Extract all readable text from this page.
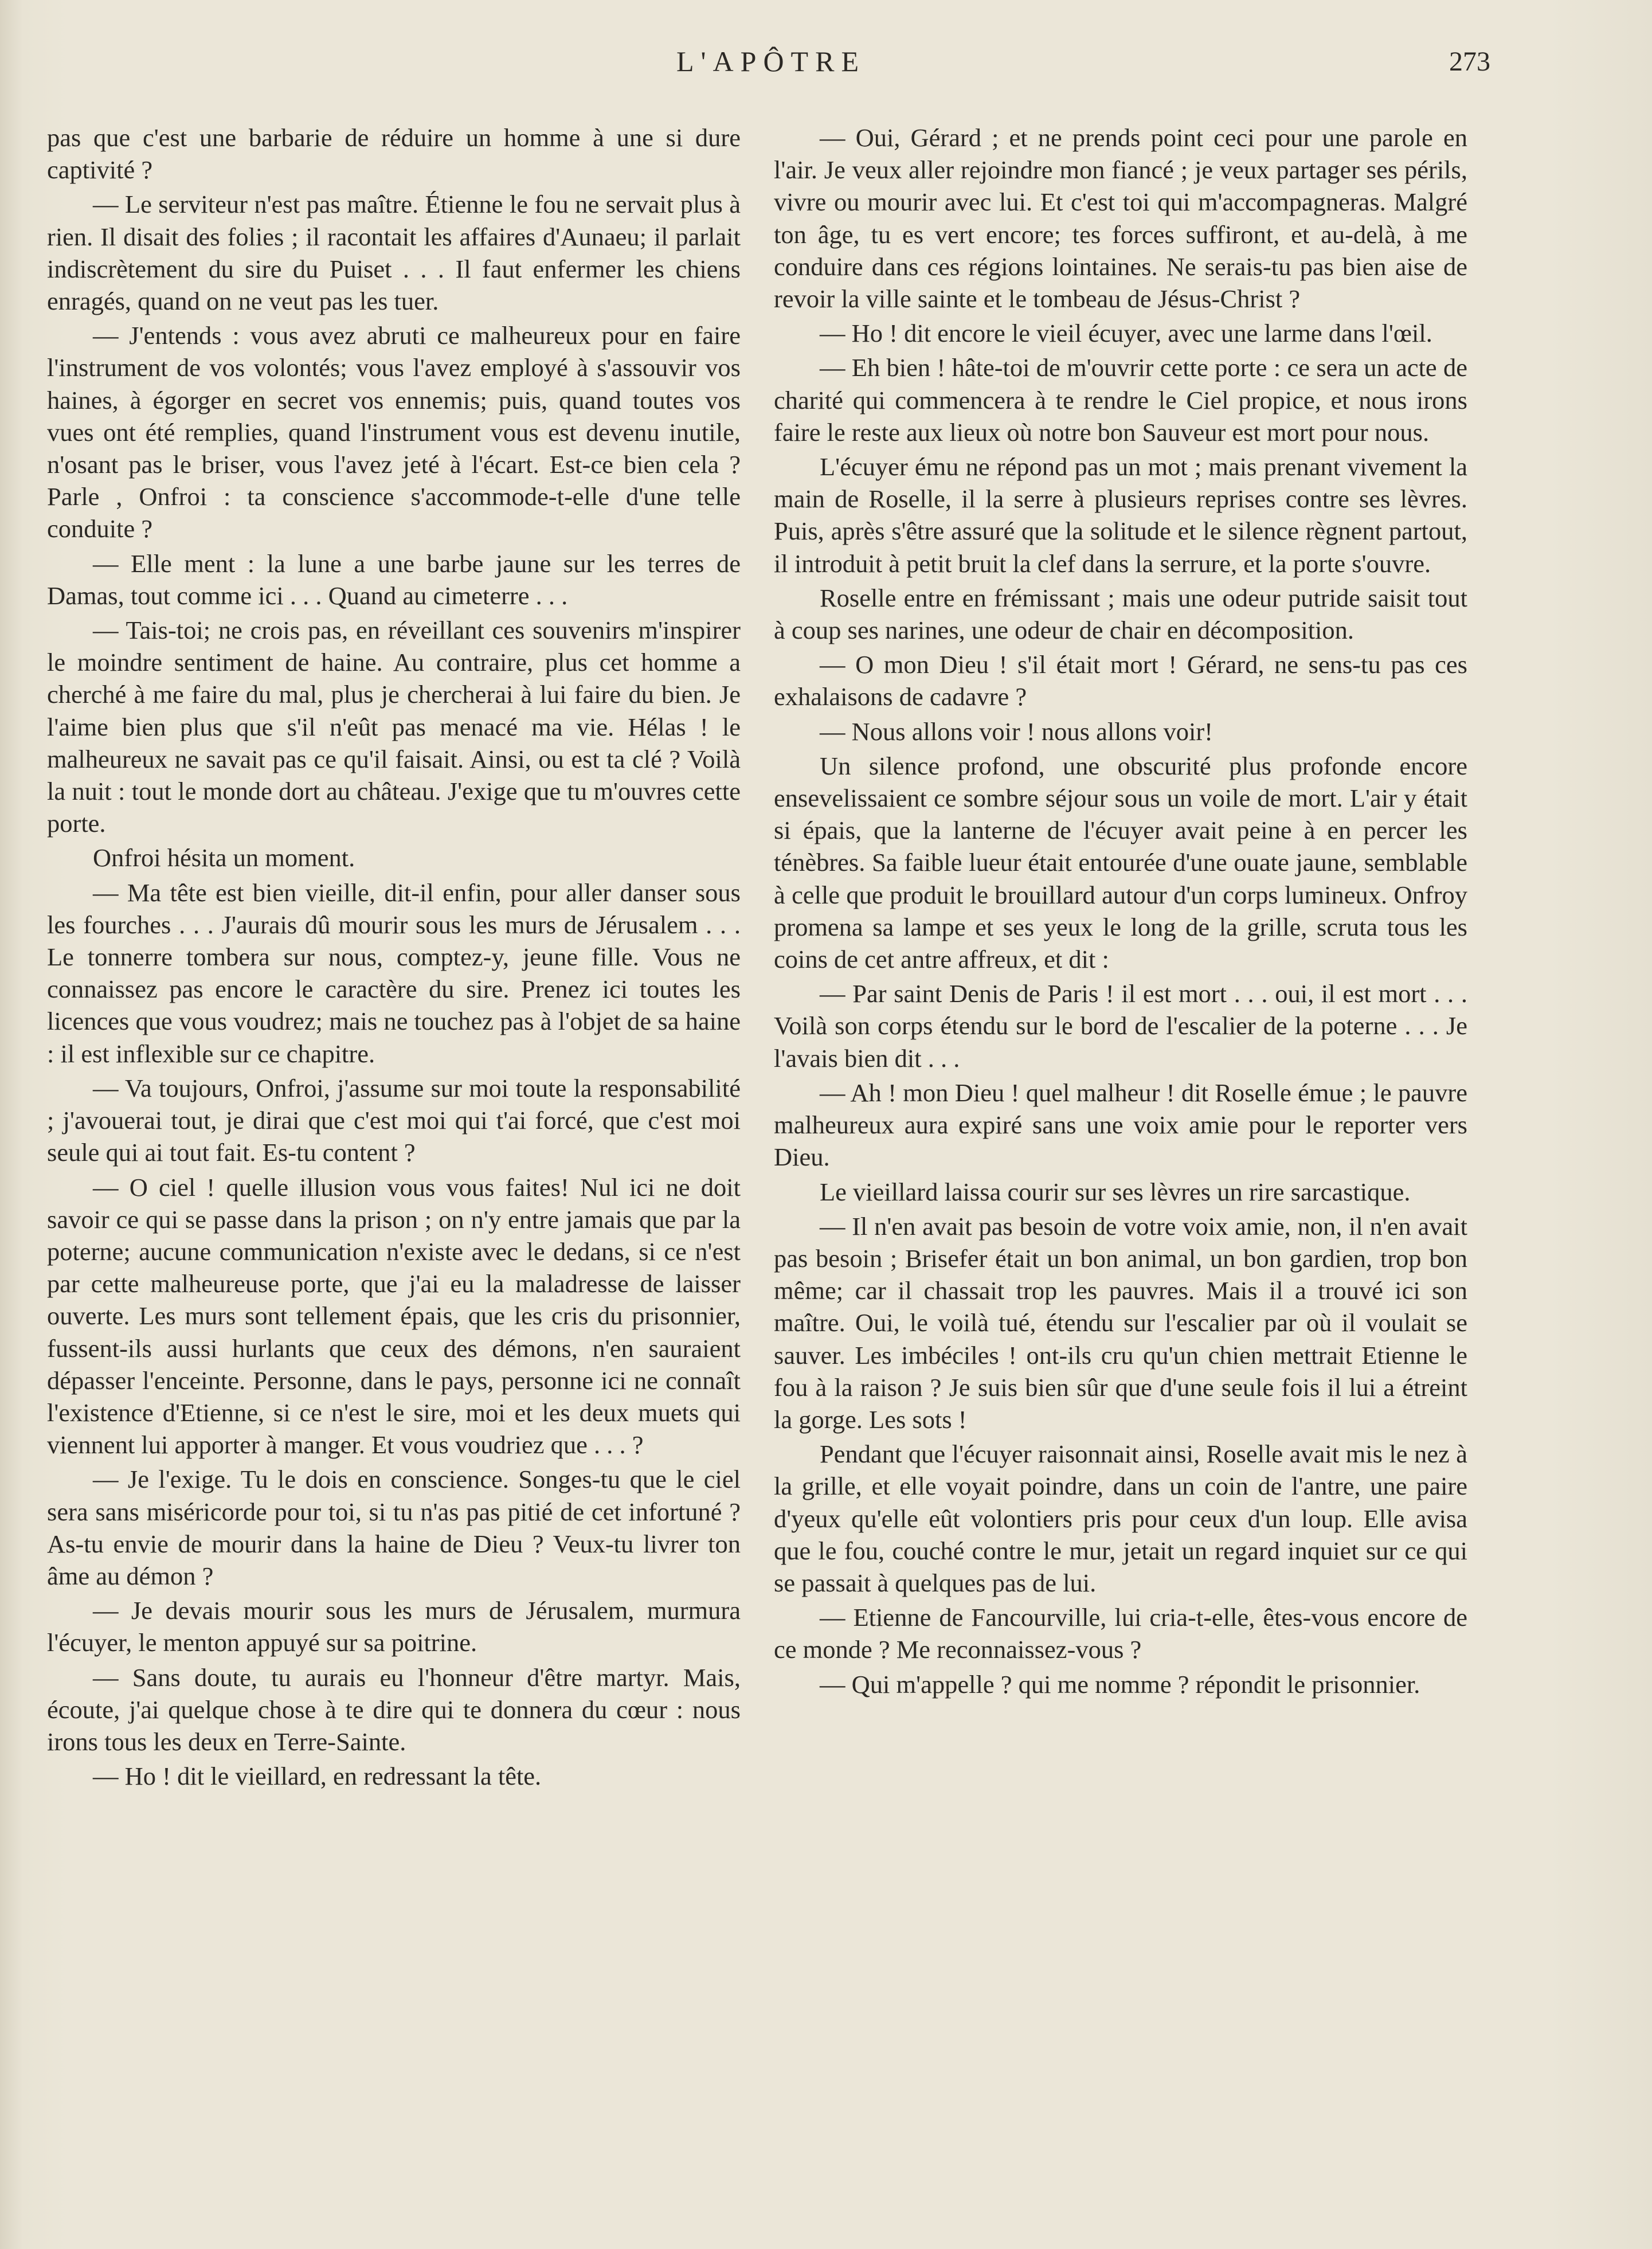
L'APÔTRE	273

pas que c'est une barbarie de réduire un homme à une si dure captivité ?

— Le serviteur n'est pas maître. Étienne le fou ne servait plus à rien. Il disait des folies ; il racontait les affaires d'Aunaeu; il parlait indiscrètement du sire du Puiset . . . Il faut enfermer les chiens enragés, quand on ne veut pas les tuer.

— J'entends : vous avez abruti ce malheureux pour en faire l'instrument de vos volontés; vous l'avez employé à s'assouvir vos haines, à égorger en secret vos ennemis; puis, quand toutes vos vues ont été remplies, quand l'instrument vous est devenu inutile, n'osant pas le briser, vous l'avez jeté à l'écart. Est-ce bien cela ? Parle , Onfroi : ta conscience s'accommode-t-elle d'une telle conduite ?

— Elle ment : la lune a une barbe jaune sur les terres de Damas, tout comme ici . . . Quand au cimeterre . . .

— Tais-toi; ne crois pas, en réveillant ces souvenirs m'inspirer le moindre sentiment de haine. Au contraire, plus cet homme a cherché à me faire du mal, plus je chercherai à lui faire du bien. Je l'aime bien plus que s'il n'eût pas menacé ma vie. Hélas ! le malheureux ne savait pas ce qu'il faisait. Ainsi, ou est ta clé ? Voilà la nuit : tout le monde dort au château. J'exige que tu m'ouvres cette porte.

Onfroi hésita un moment.

— Ma tête est bien vieille, dit-il enfin, pour aller danser sous les fourches . . . J'aurais dû mourir sous les murs de Jérusalem . . . Le tonnerre tombera sur nous, comptez-y, jeune fille. Vous ne connaissez pas encore le caractère du sire. Prenez ici toutes les licences que vous voudrez; mais ne touchez pas à l'objet de sa haine : il est inflexible sur ce chapitre.

— Va toujours, Onfroi, j'assume sur moi toute la responsabilité ; j'avouerai tout, je dirai que c'est moi qui t'ai forcé, que c'est moi seule qui ai tout fait. Es-tu content ?

— O ciel ! quelle illusion vous vous faites! Nul ici ne doit savoir ce qui se passe dans la prison ; on n'y entre jamais que par la poterne; aucune communication n'existe avec le dedans, si ce n'est par cette malheureuse porte, que j'ai eu la maladresse de laisser ouverte. Les murs sont tellement épais, que les cris du prisonnier, fussent-ils aussi hurlants que ceux des démons, n'en sauraient dépasser l'enceinte. Personne, dans le pays, personne ici ne connaît l'existence d'Etienne, si ce n'est le sire, moi et les deux muets qui viennent lui apporter à manger. Et vous voudriez que . . . ?

— Je l'exige. Tu le dois en conscience. Songes-tu que le ciel sera sans miséricorde pour toi, si tu n'as pas pitié de cet infortuné ? As-tu envie de mourir dans la haine de Dieu ? Veux-tu livrer ton âme au démon ?

— Je devais mourir sous les murs de Jérusalem, murmura l'écuyer, le menton appuyé sur sa poitrine.

— Sans doute, tu aurais eu l'honneur d'être martyr. Mais, écoute, j'ai quelque chose à te dire qui te donnera du cœur : nous irons tous les deux en Terre-Sainte.

— Ho ! dit le vieillard, en redressant la tête.

— Oui, Gérard ; et ne prends point ceci pour une parole en l'air. Je veux aller rejoindre mon fiancé ; je veux partager ses périls, vivre ou mourir avec lui. Et c'est toi qui m'accompagneras. Malgré ton âge, tu es vert encore; tes forces suffiront, et au-delà, à me conduire dans ces régions lointaines. Ne serais-tu pas bien aise de revoir la ville sainte et le tombeau de Jésus-Christ ?

— Ho ! dit encore le vieil écuyer, avec une larme dans l'œil.

— Eh bien ! hâte-toi de m'ouvrir cette porte : ce sera un acte de charité qui commencera à te rendre le Ciel propice, et nous irons faire le reste aux lieux où notre bon Sauveur est mort pour nous.

L'écuyer ému ne répond pas un mot ; mais prenant vivement la main de Roselle, il la serre à plusieurs reprises contre ses lèvres. Puis, après s'être assuré que la solitude et le silence règnent partout, il introduit à petit bruit la clef dans la serrure, et la porte s'ouvre.

Roselle entre en frémissant ; mais une odeur putride saisit tout à coup ses narines, une odeur de chair en décomposition.

— O mon Dieu ! s'il était mort ! Gérard, ne sens-tu pas ces exhalaisons de cadavre ?

— Nous allons voir ! nous allons voir!

Un silence profond, une obscurité plus profonde encore ensevelissaient ce sombre séjour sous un voile de mort. L'air y était si épais, que la lanterne de l'écuyer avait peine à en percer les ténèbres. Sa faible lueur était entourée d'une ouate jaune, semblable à celle que produit le brouillard autour d'un corps lumineux. Onfroy promena sa lampe et ses yeux le long de la grille, scruta tous les coins de cet antre affreux, et dit :

— Par saint Denis de Paris ! il est mort . . . oui, il est mort . . . Voilà son corps étendu sur le bord de l'escalier de la poterne . . . Je l'avais bien dit . . .

— Ah ! mon Dieu ! quel malheur ! dit Roselle émue ; le pauvre malheureux aura expiré sans une voix amie pour le reporter vers Dieu.

Le vieillard laissa courir sur ses lèvres un rire sarcastique.

— Il n'en avait pas besoin de votre voix amie, non, il n'en avait pas besoin ; Brisefer était un bon animal, un bon gardien, trop bon même; car il chassait trop les pauvres. Mais il a trouvé ici son maître. Oui, le voilà tué, étendu sur l'escalier par où il voulait se sauver. Les imbéciles ! ont-ils cru qu'un chien mettrait Etienne le fou à la raison ? Je suis bien sûr que d'une seule fois il lui a étreint la gorge. Les sots !

Pendant que l'écuyer raisonnait ainsi, Roselle avait mis le nez à la grille, et elle voyait poindre, dans un coin de l'antre, une paire d'yeux qu'elle eût volontiers pris pour ceux d'un loup. Elle avisa que le fou, couché contre le mur, jetait un regard inquiet sur ce qui se passait à quelques pas de lui.

— Etienne de Fancourville, lui cria-t-elle, êtes-vous encore de ce monde ? Me reconnaissez-vous ?

— Qui m'appelle ? qui me nomme ? répondit le prisonnier.
